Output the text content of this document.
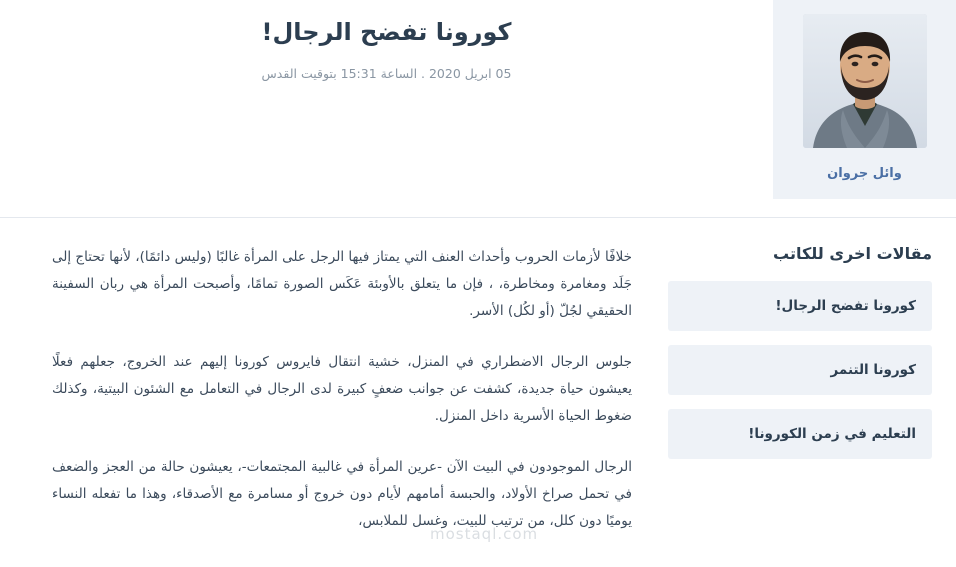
وائل جروان
كورونا تفضح الرجال!
05 ابريل 2020 . الساعة 15:31 بتوقيت القدس
مقالات اخرى للكاتب
كورونا تفضح الرجال!
كورونا التنمر
التعليم في زمن الكورونا!

خلافًا لأزمات الحروب وأحداث العنف التي يمتاز فيها الرجل على المرأة غالبًا (وليس دائمًا)، لأنها تحتاج إلى جَلَد ومغامرة ومخاطرة، ، فإن ما يتعلق بالأوبئة عَكَس الصورة تمامًا، وأصبحت المرأة هي ربان السفينة الحقيقي لجُلّ (أو لكُل) الأسر.

جلوس الرجال الاضطراري في المنزل، خشية انتقال فايروس كورونا إليهم عند الخروج، جعلهم فعلًا يعيشون حياة جديدة، كشفت عن جوانب ضعفٍ كبيرة لدى الرجال في التعامل مع الشئون البيتية، وكذلك ضغوط الحياة الأسرية داخل المنزل.

الرجال الموجودون في البيت الآن -عرين المرأة في غالبية المجتمعات-، يعيشون حالة من العجز والضعف في تحمل صراخ الأولاد، والحبسة أمامهم لأيام دون خروج أو مسامرة مع الأصدقاء، وهذا ما تفعله النساء يوميًا دون كلل، من ترتيب للبيت، وغسل للملابس،

mostaql.com
